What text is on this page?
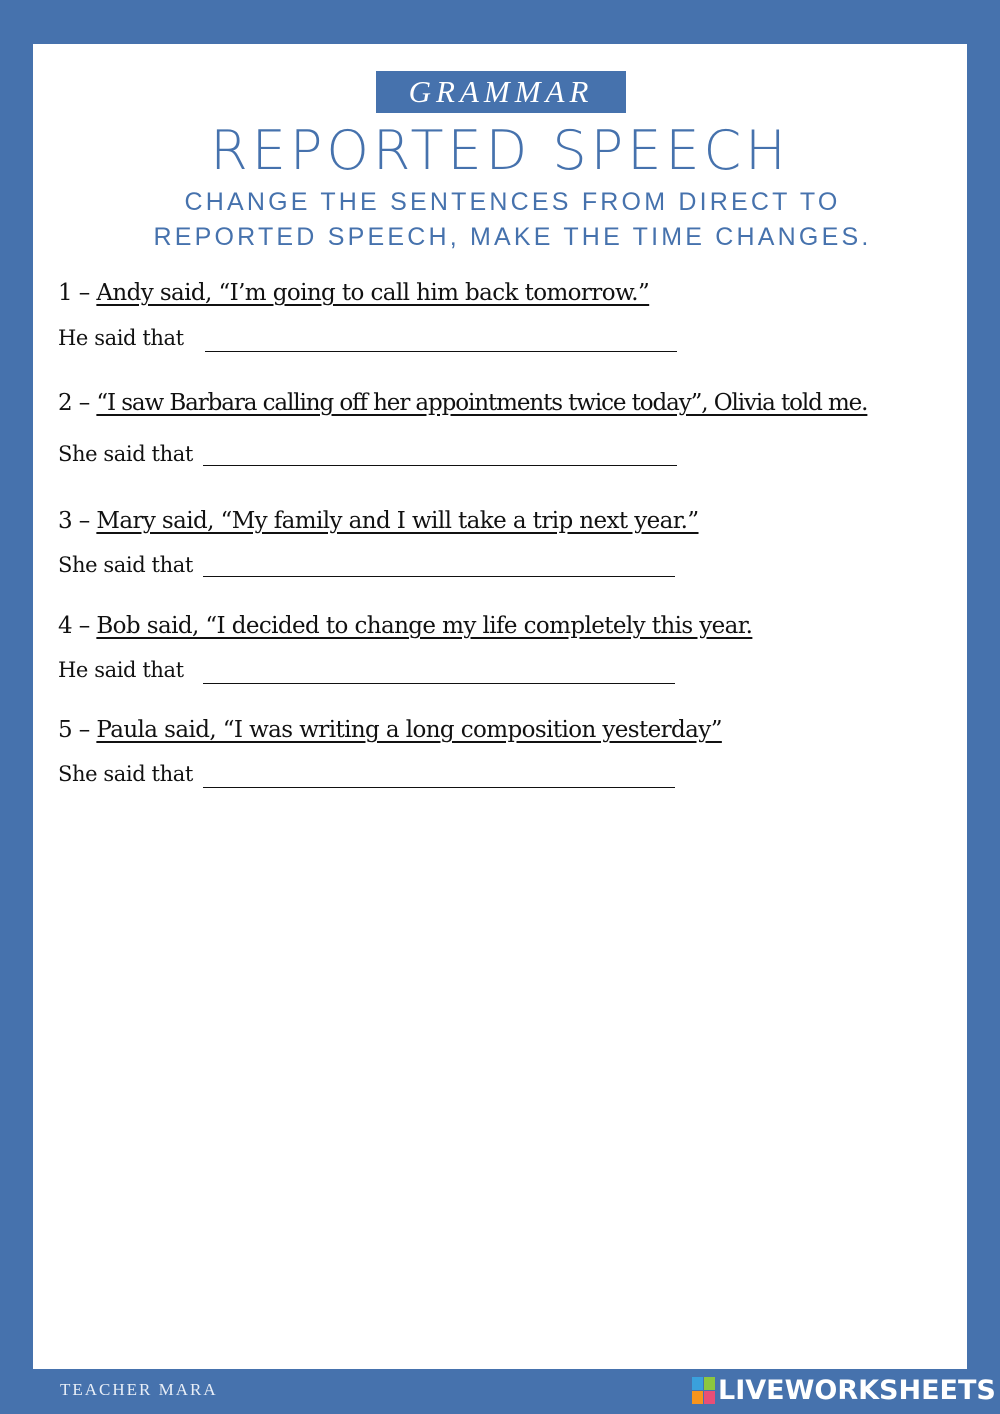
GRAMMAR
REPORTED SPEECH
CHANGE THE SENTENCES FROM DIRECT TO
REPORTED SPEECH, MAKE THE TIME CHANGES.
1 – Andy said, “I’m going to call him back tomorrow.”
He said that
2 – “I saw Barbara calling off her appointments twice today”, Olivia told me.
She said that
3 – Mary said, “My family and I will take a trip next year.”
She said that
4 – Bob said, “I decided to change my life completely this year.
He said that
5 – Paula said, “I was writing a long composition yesterday”
She said that
TEACHER MARA	LIVEWORKSHEETS
